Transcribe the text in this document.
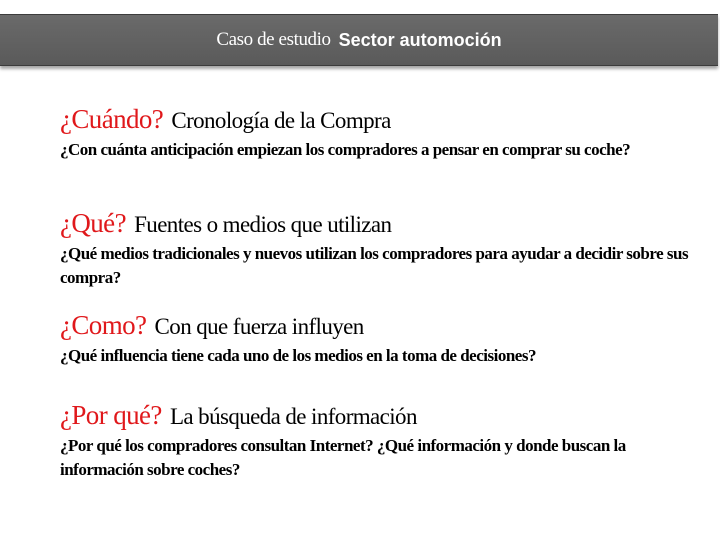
Caso de estudio Sector automoción
¿Cuándo? Cronología de la Compra
¿Con cuánta anticipación empiezan los compradores a pensar en comprar su coche?
¿Qué? Fuentes o medios que utilizan
¿Qué medios tradicionales y nuevos utilizan los compradores para ayudar a decidir sobre sus compra?
¿Como? Con que fuerza influyen
¿Qué influencia tiene cada uno de los medios en la toma de decisiones?
¿Por qué? La búsqueda de información
¿Por qué los compradores consultan Internet? ¿Qué información y donde buscan la información sobre coches?
